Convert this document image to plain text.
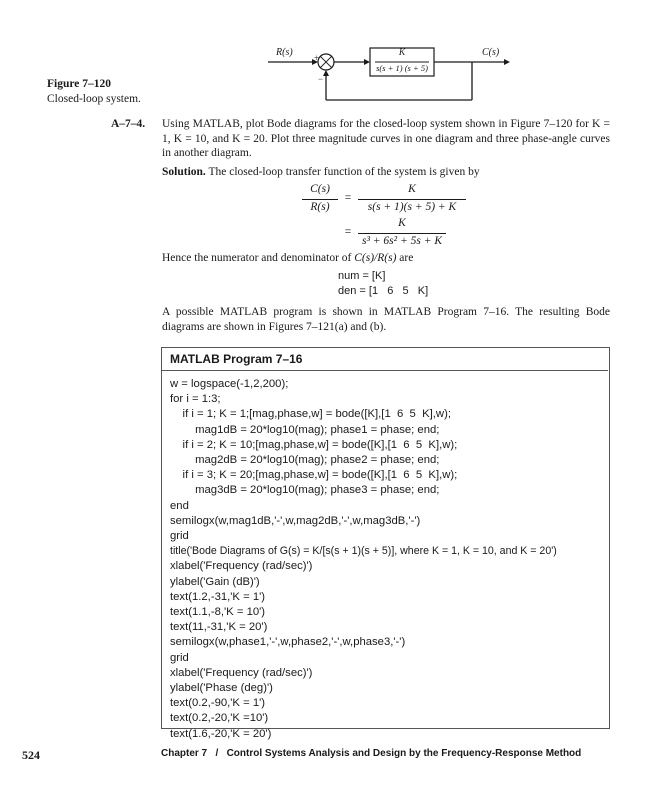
R(s)	C(s)
+
−
K
s(s + 1) (s + 5)
Figure 7–120
Closed-loop system.
A–7–4. Using MATLAB, plot Bode diagrams for the closed-loop system shown in Figure 7–120 for K = 1, K = 10, and K = 20. Plot three magnitude curves in one diagram and three phase-angle curves in another diagram.
Solution. The closed-loop transfer function of the system is given by
C(s)
R(s)
=
K
s(s + 1)(s + 5) + K
=
K
s³ + 6s² + 5s + K
Hence the numerator and denominator of C(s)/R(s) are
num = [K]
den = [1   6   5   K]
A possible MATLAB program is shown in MATLAB Program 7–16. The resulting Bode diagrams are shown in Figures 7–121(a) and (b).
MATLAB Program 7–16
w = logspace(-1,2,200);
for i = 1:3;
if i = 1; K = 1;[mag,phase,w] = bode([K],[1  6  5  K],w);
mag1dB = 20*log10(mag); phase1 = phase; end;
if i = 2; K = 10;[mag,phase,w] = bode([K],[1  6  5  K],w);
mag2dB = 20*log10(mag); phase2 = phase; end;
if i = 3; K = 20;[mag,phase,w] = bode([K],[1  6  5  K],w);
mag3dB = 20*log10(mag); phase3 = phase; end;
end
semilogx(w,mag1dB,'-',w,mag2dB,'-',w,mag3dB,'-')
grid
title('Bode Diagrams of G(s) = K/[s(s + 1)(s + 5)], where K = 1, K = 10, and K = 20')
xlabel('Frequency (rad/sec)')
ylabel('Gain (dB)')
text(1.2,-31,'K = 1')
text(1.1,-8,'K = 10')
text(11,-31,'K = 20')
semilogx(w,phase1,'-',w,phase2,'-',w,phase3,'-')
grid
xlabel('Frequency (rad/sec)')
ylabel('Phase (deg)')
text(0.2,-90,'K = 1')
text(0.2,-20,'K =10')
text(1.6,-20,'K = 20')
524	Chapter 7   /   Control Systems Analysis and Design by the Frequency-Response Method
